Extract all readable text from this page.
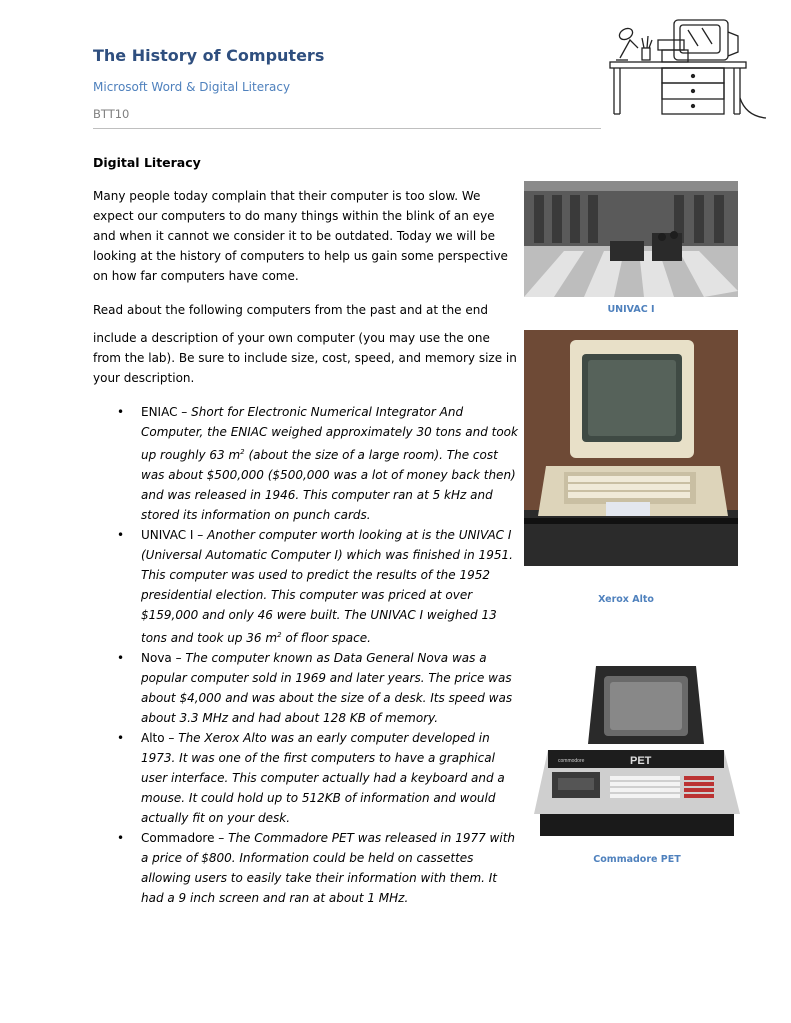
The History of Computers
Microsoft Word & Digital Literacy
BTT10
Digital Literacy

Many people today complain that their computer is too slow. We expect our computers to do many things within the blink of an eye and when it cannot we consider it to be outdated. Today we will be looking at the history of computers to help us gain some perspective on how far computers have come.

Read about the following computers from the past and at the end

include a description of your own computer (you may use the one from the lab). Be sure to include size, cost, speed, and memory size in your description.

• ENIAC – Short for Electronic Numerical Integrator And Computer, the ENIAC weighed approximately 30 tons and took up roughly 63 $m^2$ (about the size of a large room). The cost was about $500,000 ($500,000 was a lot of money back then) and was released in 1946. This computer ran at 5 kHz and stored its information on punch cards.
• UNIVAC I – Another computer worth looking at is the UNIVAC I (Universal Automatic Computer I) which was finished in 1951. This computer was used to predict the results of the 1952 presidential election. This computer was priced at over $159,000 and only 46 were built. The UNIVAC I weighed 13 tons and took up 36 $m^2$ of floor space.
• Nova – The computer known as Data General Nova was a popular computer sold in 1969 and later years. The price was about $4,000 and was about the size of a desk. Its speed was about 3.3 MHz and had about 128 KB of memory.
• Alto – The Xerox Alto was an early computer developed in 1973. It was one of the first computers to have a graphical user interface. This computer actually had a keyboard and a mouse. It could hold up to 512KB of information and would actually fit on your desk.
• Commadore – The Commadore PET was released in 1977 with a price of $800. Information could be held on cassettes allowing users to easily take their information with them. It had a 9 inch screen and ran at about 1 MHz.
UNIVAC I
Xerox Alto
PET
commodore
Commadore PET
